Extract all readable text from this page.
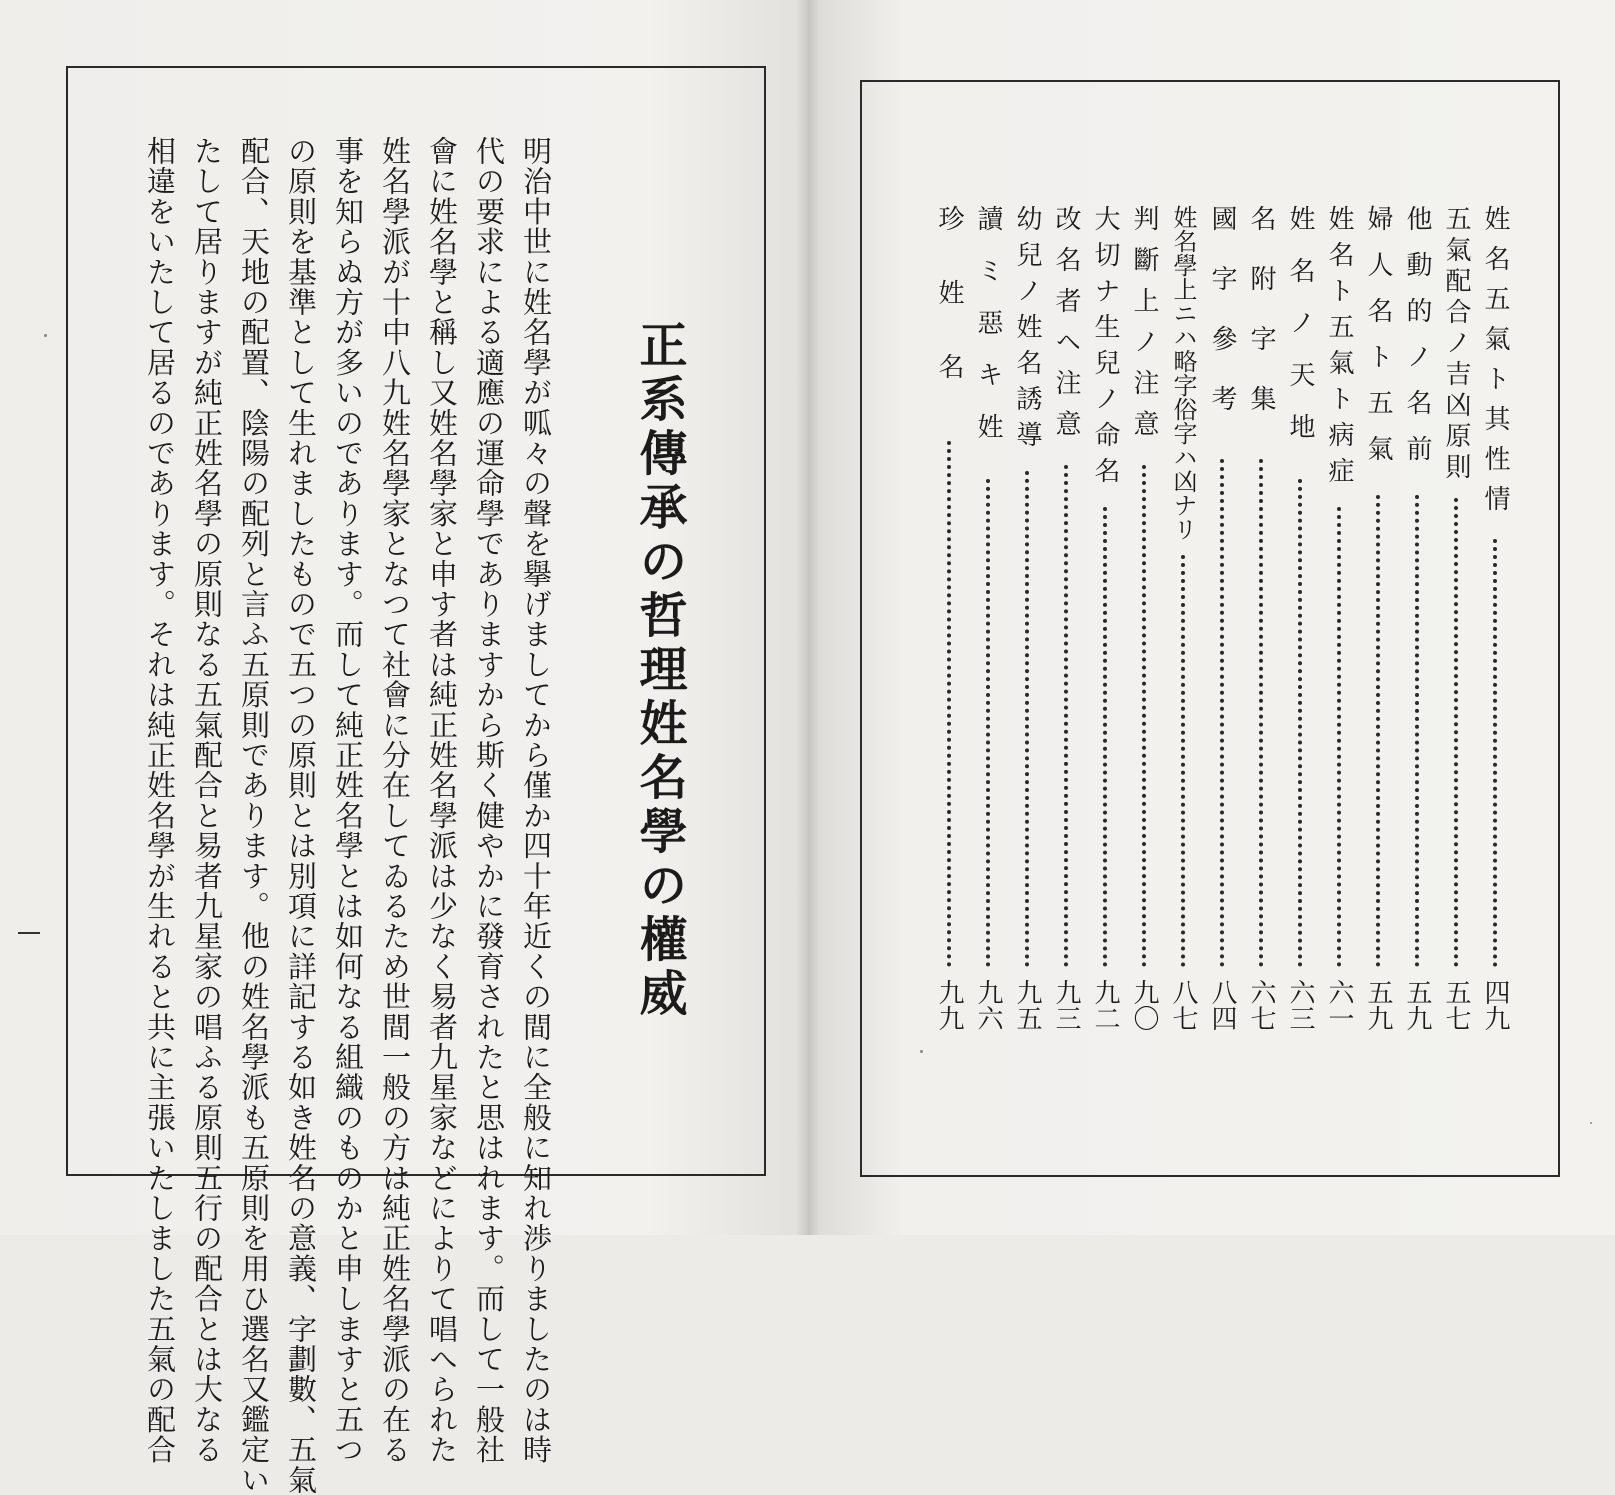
正系傳承の哲理姓名學の權威
明治中世に姓名學が呱々の聲を擧げましてから僅か四十年近くの間に全般に知れ渉りましたのは時
代の要求による適應の運命學でありますから斯く健やかに發育されたと思はれます。而して一般社
會に姓名學と稱し又姓名學家と申す者は純正姓名學派は少なく易者九星家などによりて唱へられた
姓名學派が十中八九姓名學家となつて社會に分在してゐるため世間一般の方は純正姓名學派の在る
事を知らぬ方が多いのであります。而して純正姓名學とは如何なる組織のものかと申しますと五つ
の原則を基準として生れましたもので五つの原則とは別項に詳記する如き姓名の意義、字劃數、五氣
配合、天地の配置、陰陽の配列と言ふ五原則であります。他の姓名學派も五原則を用ひ選名又鑑定い
たして居りますが純正姓名學の原則なる五氣配合と易者九星家の唱ふる原則五行の配合とは大なる
相違をいたして居るのであります。それは純正姓名學が生れると共に主張いたしました五氣の配合	姓名五氣ト其性情
四九
五氣配合ノ吉凶原則
五七
他動的ノ名前
五九
婦人名ト五氣
五九
姓名ト五氣ト病症
六一
姓名ノ天地
六三
名附字集
六七
國字參考
八四
姓名學上ニハ略字俗字ハ凶ナリ
八七
判斷上ノ注意
九〇
大切ナ生兒ノ命名
九二
改名者ヘ注意
九三
幼兒ノ姓名誘導
九五
讀ミ惡キ姓
九六
珍姓名
九九
